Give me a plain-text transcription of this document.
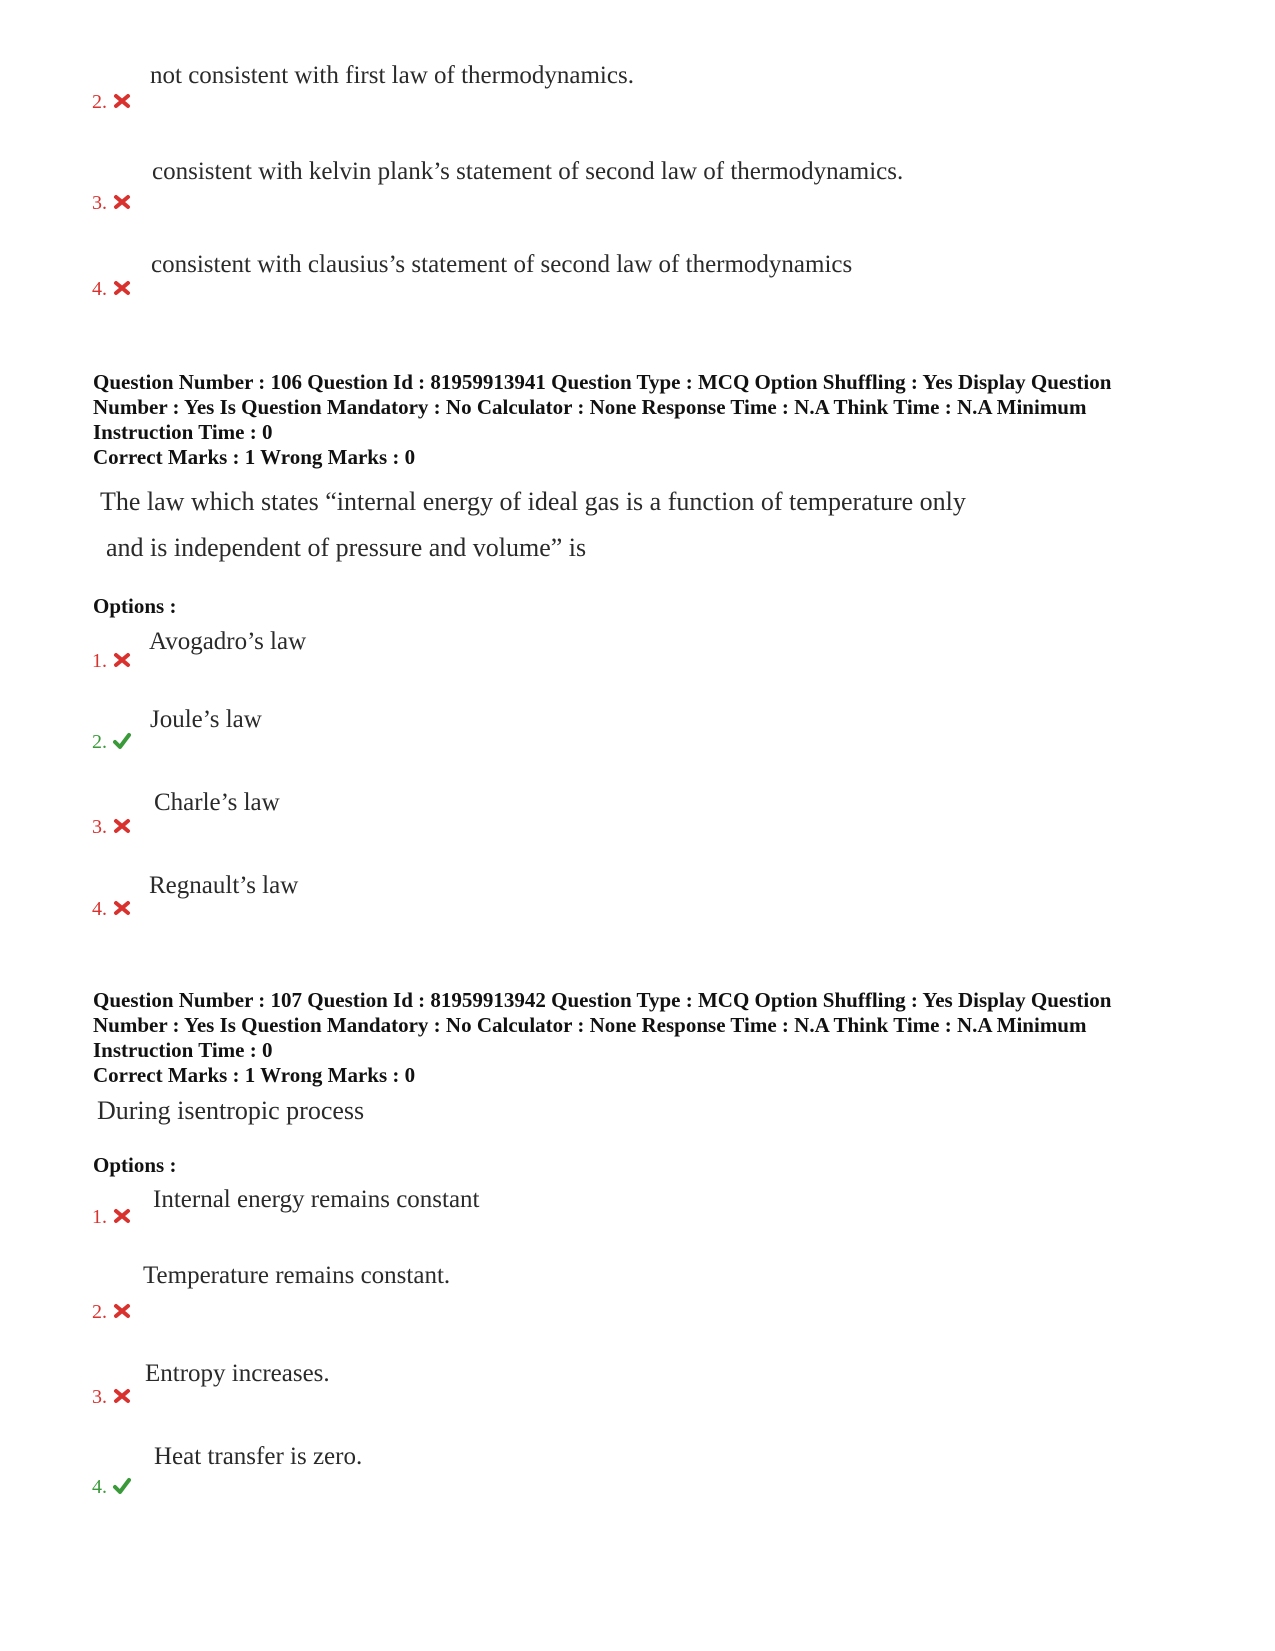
not consistent with first law of thermodynamics.
2.
consistent with kelvin plank’s statement of second law of thermodynamics.
3.
consistent with clausius’s statement of second law of thermodynamics
4.
Question Number : 106 Question Id : 81959913941 Question Type : MCQ Option Shuffling : Yes Display Question
Number : Yes Is Question Mandatory : No Calculator : None Response Time : N.A Think Time : N.A Minimum
Instruction Time : 0
Correct Marks : 1 Wrong Marks : 0
The law which states “internal energy of ideal gas is a function of temperature only
and is independent of pressure and volume” is
Options :
Avogadro’s law
1.
Joule’s law
2.
Charle’s law
3.
Regnault’s law
4.
Question Number : 107 Question Id : 81959913942 Question Type : MCQ Option Shuffling : Yes Display Question
Number : Yes Is Question Mandatory : No Calculator : None Response Time : N.A Think Time : N.A Minimum
Instruction Time : 0
Correct Marks : 1 Wrong Marks : 0
During isentropic process
Options :
Internal energy remains constant
1.
Temperature remains constant.
2.
Entropy increases.
3.
Heat transfer is zero.
4.
